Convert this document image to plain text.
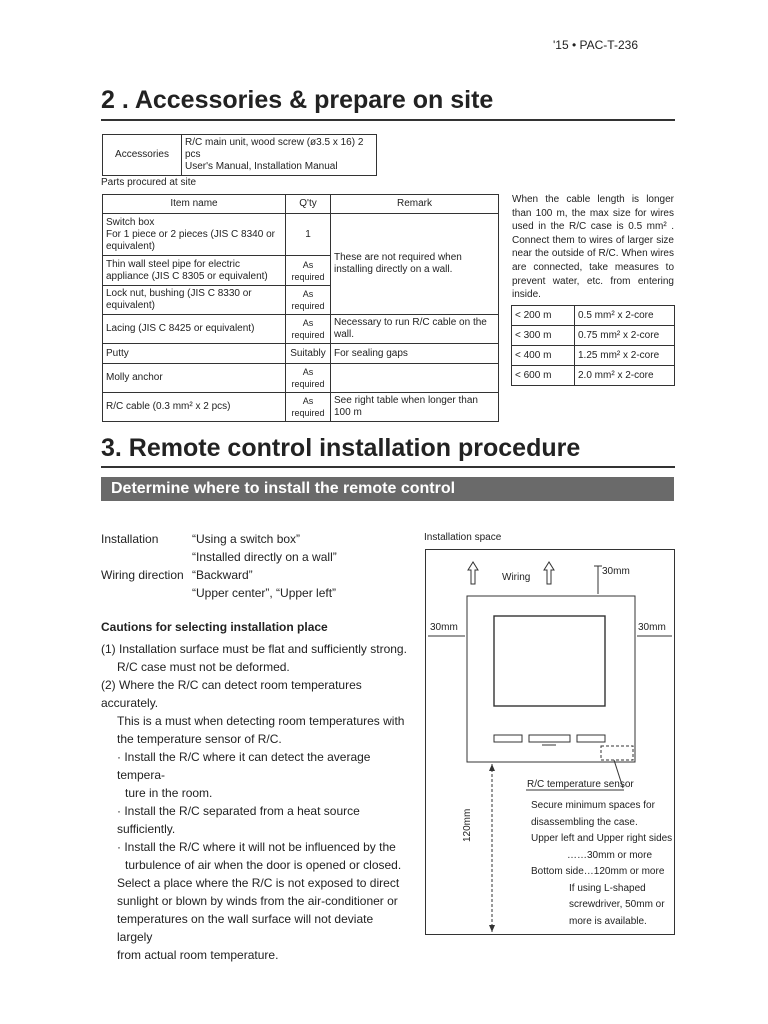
'15 • PAC-T-236
2 . Accessories & prepare on site
Accessories	
R/C main unit, wood screw (ø3.5 x 16) 2 pcs
User's Manual, Installation Manual
Parts procured at site
Item name	Q'ty	Remark
Switch box
For 1 piece or 2 pieces (JIS C 8340 or equivalent)	1	These are not required when installing directly on a wall.
Thin wall steel pipe for electric appliance (JIS C 8305 or equivalent)	As required	
Lock nut, bushing (JIS C 8330 or equivalent)	As required	
Lacing (JIS C 8425 or equivalent)	As required	Necessary to run R/C cable on the wall.
Putty	Suitably	For sealing gaps
Molly anchor	As required	
R/C cable (0.3 mm² x 2 pcs)	As required	See right table when longer than 100 m
When the cable length is longer than 100 m, the max size for wires used in the R/C case is 0.5 mm² . Connect them to wires of larger size near the outside of R/C. When wires are connected, take measures to prevent water, etc. from entering inside.
< 200 m	0.5 mm² x 2-core
< 300 m	0.75 mm² x 2-core
< 400 m	1.25 mm² x 2-core
< 600 m	2.0 mm² x 2-core
3. Remote control installation procedure
Determine where to install the remote control
Installation	“Using a switch box”
“Installed directly on a wall”
Wiring direction “Backward”
“Upper center”, “Upper left”
Cautions for selecting installation place
(1) Installation surface must be flat and sufficiently strong.
R/C case must not be deformed.
(2) Where the R/C can detect room temperatures accurately.
This is a must when detecting room temperatures with
the temperature sensor of R/C.
· Install the R/C where it can detect the average tempera-
ture in the room.
· Install the R/C separated from a heat source sufficiently.
· Install the R/C where it will not be influenced by the
turbulence of air when the door is opened or closed.
Select a place where the R/C is not exposed to direct
sunlight or blown by winds from the air-conditioner or
temperatures on the wall surface will not deviate largely
from actual room temperature.
Installation space
Wiring
30mm
30mm	30mm
120mm
R/C temperature sensor
Secure minimum spaces for
disassembling the case.
Upper left and Upper right sides
……30mm or more
Bottom side…120mm or more
If using L-shaped
screwdriver, 50mm or
more is available.
